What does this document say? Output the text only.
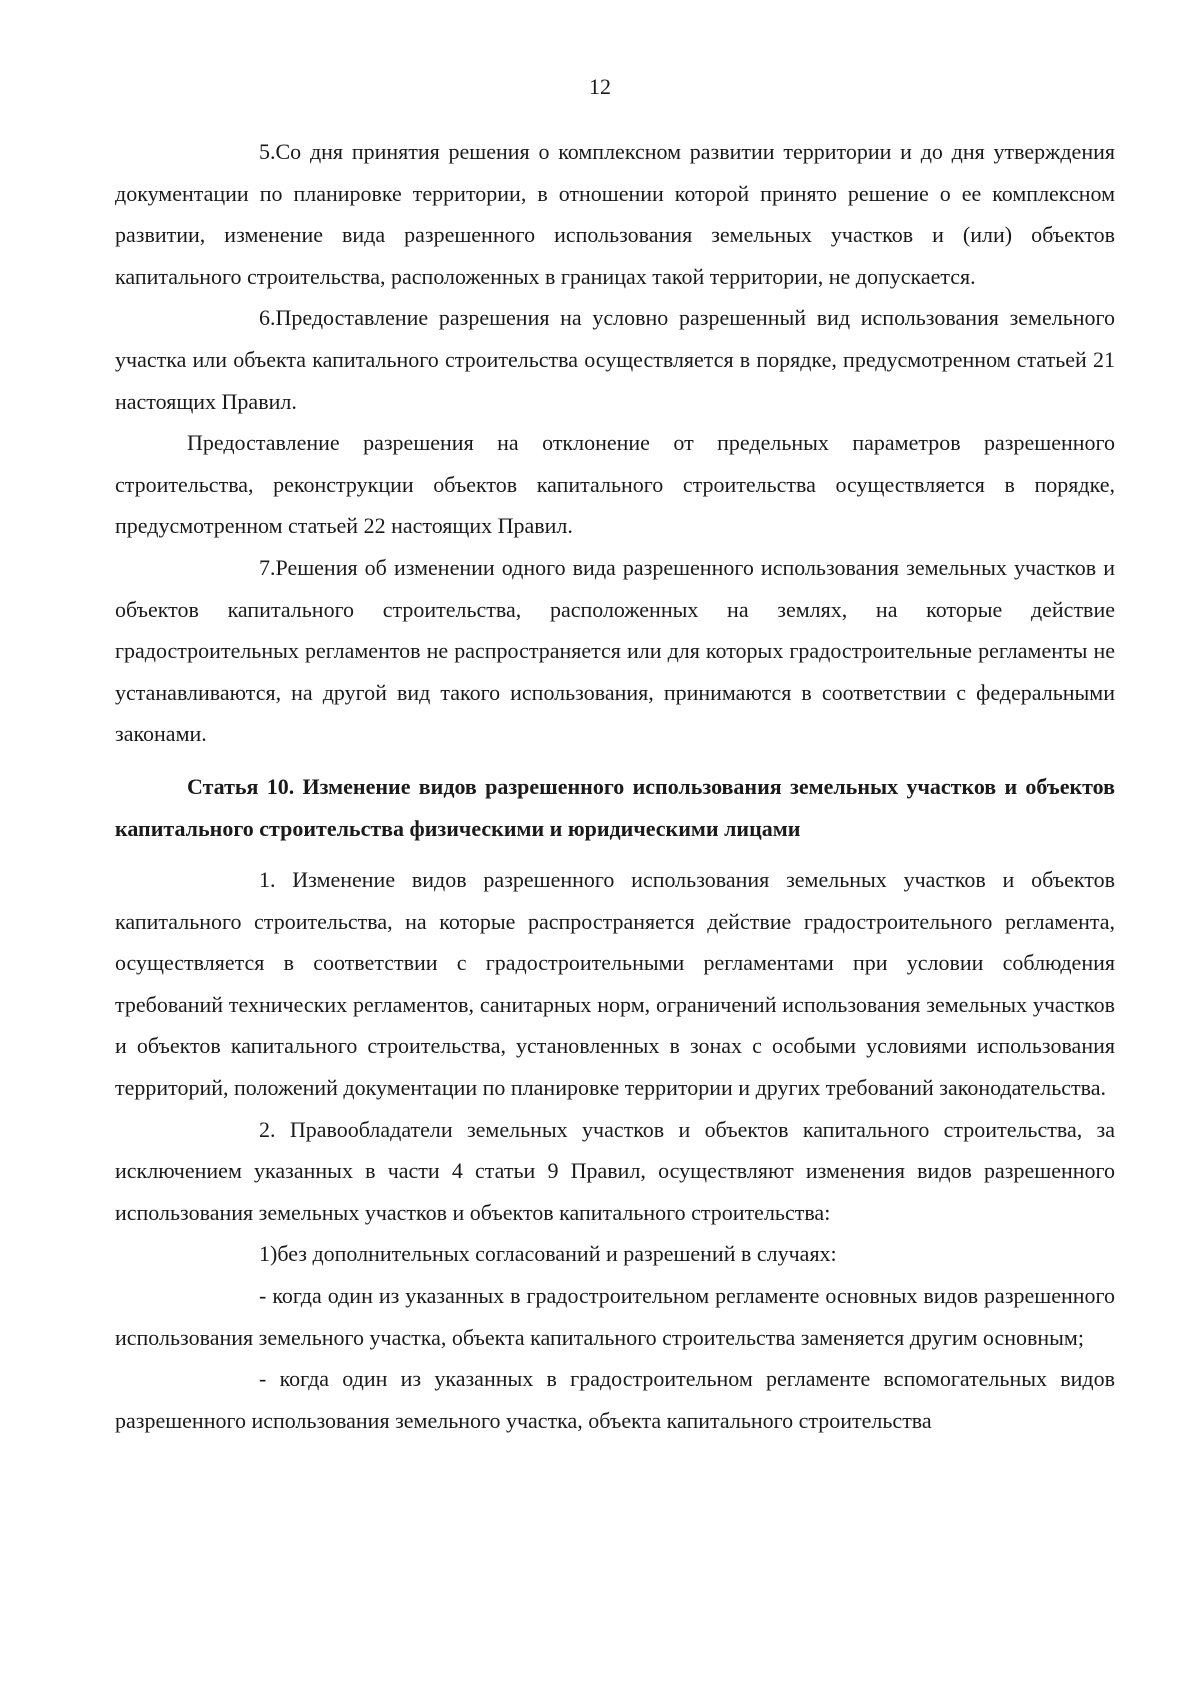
12

5.Со дня принятия решения о комплексном развитии территории и до дня утверждения документации по планировке территории, в отношении которой принято решение о ее комплексном развитии, изменение вида разрешенного использования земельных участков и (или) объектов капитального строительства, расположенных в границах такой территории, не допускается.

6.Предоставление разрешения на условно разрешенный вид использования земельного участка или объекта капитального строительства осуществляется в порядке, предусмотренном статьей 21 настоящих Правил.

Предоставление разрешения на отклонение от предельных параметров разрешенного строительства, реконструкции объектов капитального строительства осуществляется в порядке, предусмотренном статьей 22 настоящих Правил.

7.Решения об изменении одного вида разрешенного использования земельных участков и объектов капитального строительства, расположенных на землях, на которые действие градостроительных регламентов не распространяется или для которых градостроительные регламенты не устанавливаются, на другой вид такого использования, принимаются в соответствии с федеральными законами.

Статья 10. Изменение видов разрешенного использования земельных участков и объектов капитального строительства физическими и юридическими лицами

1. Изменение видов разрешенного использования земельных участков и объектов капитального строительства, на которые распространяется действие градостроительного регламента, осуществляется в соответствии с градостроительными регламентами при условии соблюдения требований технических регламентов, санитарных норм, ограничений использования земельных участков и объектов капитального строительства, установленных в зонах с особыми условиями использования территорий, положений документации по планировке территории и других требований законодательства.

2. Правообладатели земельных участков и объектов капитального строительства, за исключением указанных в части 4 статьи 9 Правил, осуществляют изменения видов разрешенного использования земельных участков и объектов капитального строительства:

1)без дополнительных согласований и разрешений в случаях:

- когда один из указанных в градостроительном регламенте основных видов разрешенного использования земельного участка, объекта капитального строительства заменяется другим основным;

- когда один из указанных в градостроительном регламенте вспомогательных видов разрешенного использования земельного участка, объекта капитального строительства
